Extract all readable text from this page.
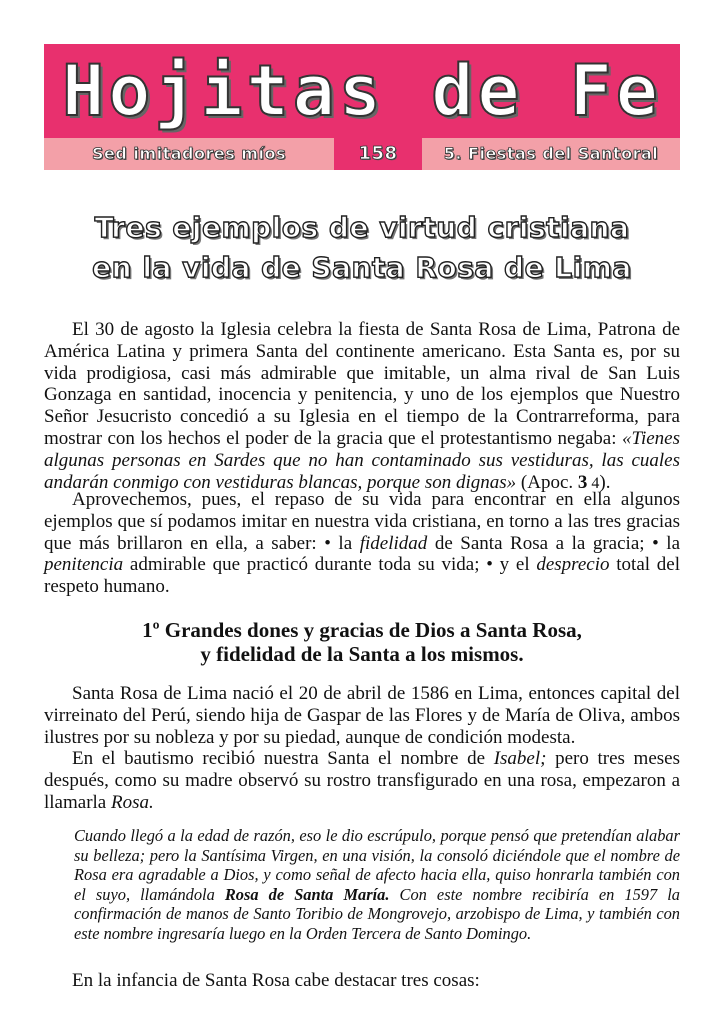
Hojitas de Fe
Sed imitadores míos	158	5. Fiestas del Santoral
Tres ejemplos de virtud cristiana
en la vida de Santa Rosa de Lima

El 30 de agosto la Iglesia celebra la fiesta de Santa Rosa de Lima, Patrona de América Latina y primera Santa del continente americano. Esta Santa es, por su vida prodigiosa, casi más admirable que imitable, un alma rival de San Luis Gonzaga en santidad, inocencia y penitencia, y uno de los ejemplos que Nuestro Señor Jesucristo concedió a su Iglesia en el tiempo de la Contrarreforma, para mostrar con los hechos el poder de la gracia que el protestantismo negaba: «Tienes algunas personas en Sardes que no han contaminado sus vestiduras, las cuales andarán conmigo con vestiduras blancas, porque son dignas» (Apoc. 3 4).

Aprovechemos, pues, el repaso de su vida para encontrar en ella algunos ejemplos que sí podamos imitar en nuestra vida cristiana, en torno a las tres gracias que más brillaron en ella, a saber: • la fidelidad de Santa Rosa a la gracia; • la penitencia admirable que practicó durante toda su vida; • y el desprecio total del respeto humano.

1º Grandes dones y gracias de Dios a Santa Rosa,
y fidelidad de la Santa a los mismos.

Santa Rosa de Lima nació el 20 de abril de 1586 en Lima, entonces capital del virreinato del Perú, siendo hija de Gaspar de las Flores y de María de Oliva, ambos ilustres por su nobleza y por su piedad, aunque de condición modesta.

En el bautismo recibió nuestra Santa el nombre de Isabel; pero tres meses después, como su madre observó su rostro transfigurado en una rosa, empezaron a llamarla Rosa.

Cuando llegó a la edad de razón, eso le dio escrúpulo, porque pensó que pretendían alabar su belleza; pero la Santísima Virgen, en una visión, la consoló diciéndole que el nombre de Rosa era agradable a Dios, y como señal de afecto hacia ella, quiso honrarla también con el suyo, llamándola Rosa de Santa María. Con este nombre recibiría en 1597 la confirmación de manos de Santo Toribio de Mongrovejo, arzobispo de Lima, y también con este nombre ingresaría luego en la Orden Tercera de Santo Domingo.

En la infancia de Santa Rosa cabe destacar tres cosas:
